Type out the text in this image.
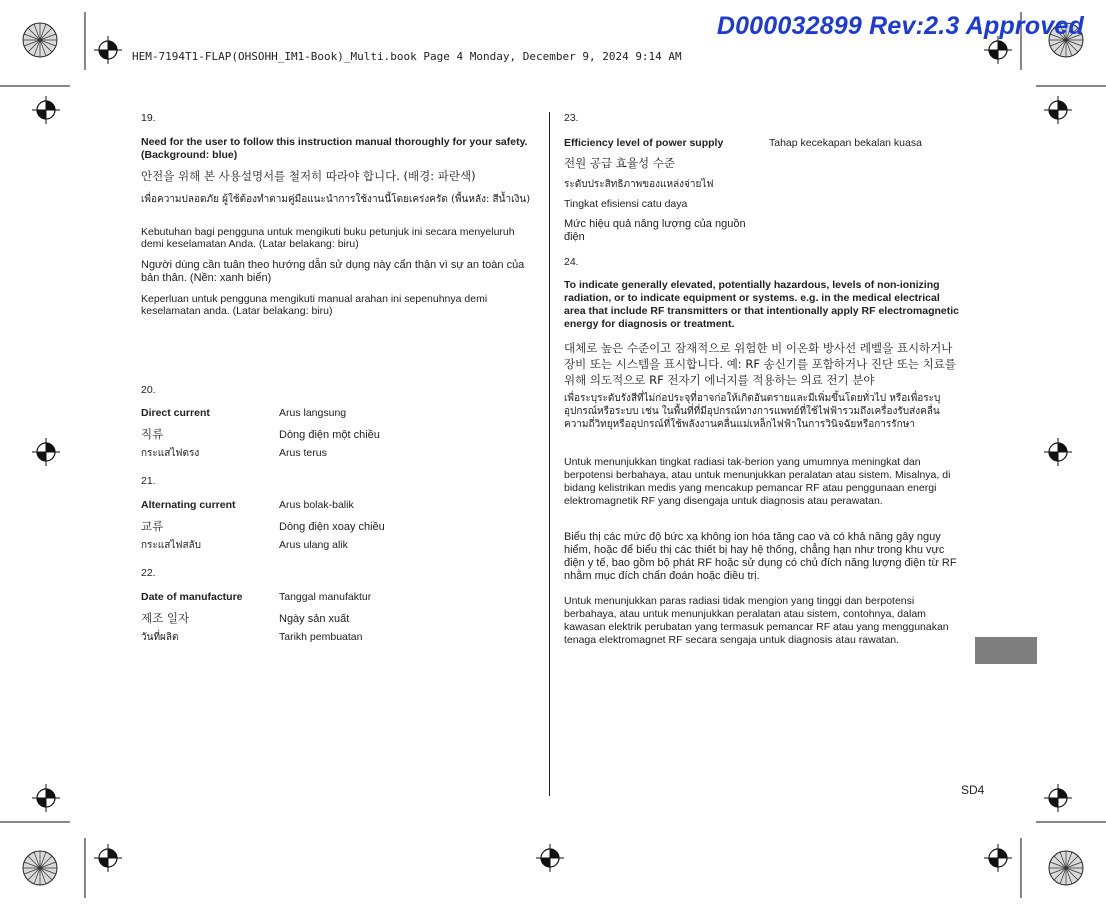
D000032899 Rev:2.3 Approved
HEM-7194T1-FLAP(OHSOHH_IM1-Book)_Multi.book Page 4 Monday, December 9, 2024 9:14 AM
19.
Need for the user to follow this instruction manual thoroughly for your safety. (Background: blue)
안전을 위해 본 사용설명서를 철저히 따라야 합니다. (배경: 파란색)
เพื่อความปลอดภัย ผู้ใช้ต้องทำตามคู่มือแนะนำการใช้งานนี้โดยเคร่งครัด (พื้นหลัง: สีน้ำเงิน)
Kebutuhan bagi pengguna untuk mengikuti buku petunjuk ini secara menyeluruh demi keselamatan Anda. (Latar belakang: biru)
Người dùng cần tuân theo hướng dẫn sử dụng này cẩn thận vì sự an toàn của bản thân. (Nền: xanh biển)
Keperluan untuk pengguna mengikuti manual arahan ini sepenuhnya demi keselamatan anda. (Latar belakang: biru)
20.
Direct current	Arus langsung
직류	Dòng điện một chiều
กระแสไฟตรง	Arus terus
21.
Alternating current	Arus bolak-balik
교류	Dòng điện xoay chiều
กระแสไฟสลับ	Arus ulang alik
22.
Date of manufacture	Tanggal manufaktur
제조 일자	Ngày sản xuất
วันที่ผลิต	Tarikh pembuatan
23.
Efficiency level of power supply	Tahap kecekapan bekalan kuasa
전원 공급 효율성 수준
ระดับประสิทธิภาพของแหล่งจ่ายไฟ
Tingkat efisiensi catu daya
Mức hiệu quả năng lượng của nguồn điện
24.
To indicate generally elevated, potentially hazardous, levels of non-ionizing radiation, or to indicate equipment or systems. e.g. in the medical electrical area that include RF transmitters or that intentionally apply RF electromagnetic energy for diagnosis or treatment.
대체로 높은 수준이고 잠재적으로 위험한 비 이온화 방사선 레벨을 표시하거나 장비 또는 시스템을 표시합니다. 예: RF 송신기를 포함하거나 진단 또는 치료를 위해 의도적으로 RF 전자기 에너지를 적용하는 의료 전기 분야
เพื่อระบุระดับรังสีที่ไม่ก่อประจุที่อาจก่อให้เกิดอันตรายและมีเพิ่มขึ้นโดยทั่วไป หรือเพื่อระบุอุปกรณ์หรือระบบ เช่น ในพื้นที่ที่มีอุปกรณ์ทางการแพทย์ที่ใช้ไฟฟ้ารวมถึงเครื่องรับส่งคลื่นความถี่วิทยุหรืออุปกรณ์ที่ใช้พลังงานคลื่นแม่เหล็กไฟฟ้าในการวินิจฉัยหรือการรักษา
Untuk menunjukkan tingkat radiasi tak-berion yang umumnya meningkat dan berpotensi berbahaya, atau untuk menunjukkan peralatan atau sistem. Misalnya, di bidang kelistrikan medis yang mencakup pemancar RF atau penggunaan energi elektromagnetik RF yang disengaja untuk diagnosis atau perawatan.
Biểu thị các mức độ bức xạ không ion hóa tăng cao và có khả năng gây nguy hiểm, hoặc để biểu thị các thiết bị hay hệ thống, chẳng hạn như trong khu vực điện y tế, bao gồm bộ phát RF hoặc sử dụng có chủ đích năng lượng điện từ RF nhằm mục đích chẩn đoán hoặc điều trị.
Untuk menunjukkan paras radiasi tidak mengion yang tinggi dan berpotensi berbahaya, atau untuk menunjukkan peralatan atau sistem, contohnya, dalam kawasan elektrik perubatan yang termasuk pemancar RF atau yang menggunakan tenaga elektromagnet RF secara sengaja untuk diagnosis atau rawatan.
SD4
